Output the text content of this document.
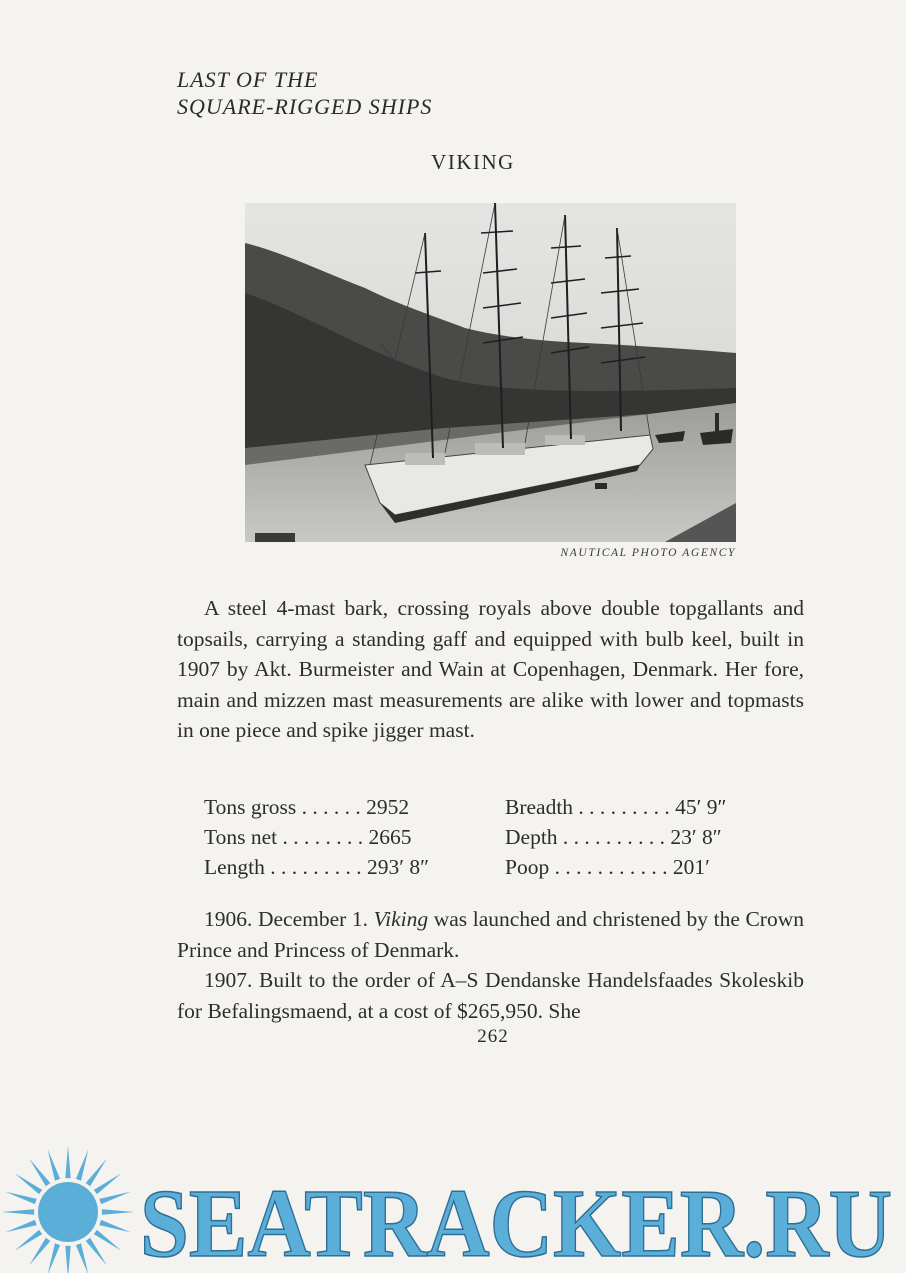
LAST OF THE
SQUARE-RIGGED SHIPS
VIKING
NAUTICAL PHOTO AGENCY
A steel 4-mast bark, crossing royals above double topgallants and topsails, carrying a standing gaff and equipped with bulb keel, built in 1907 by Akt. Burmeister and Wain at Copenhagen, Denmark. Her fore, main and mizzen mast measurements are alike with lower and topmasts in one piece and spike jigger mast.
Tons gross . . . . . . 2952	Breadth . . . . . . . . . 45′ 9″
Tons net . . . . . . . . 2665	Depth . . . . . . . . . . 23′ 8″
Length . . . . . . . . . 293′ 8″	Poop . . . . . . . . . . . 201′
1906. December 1. Viking was launched and christened by the Crown Prince and Princess of Denmark.
1907. Built to the order of A–S Dendanske Handelsfaades Skoleskib for Befalingsmaend, at a cost of $265,950. She
262
SEATRACKER.RU
